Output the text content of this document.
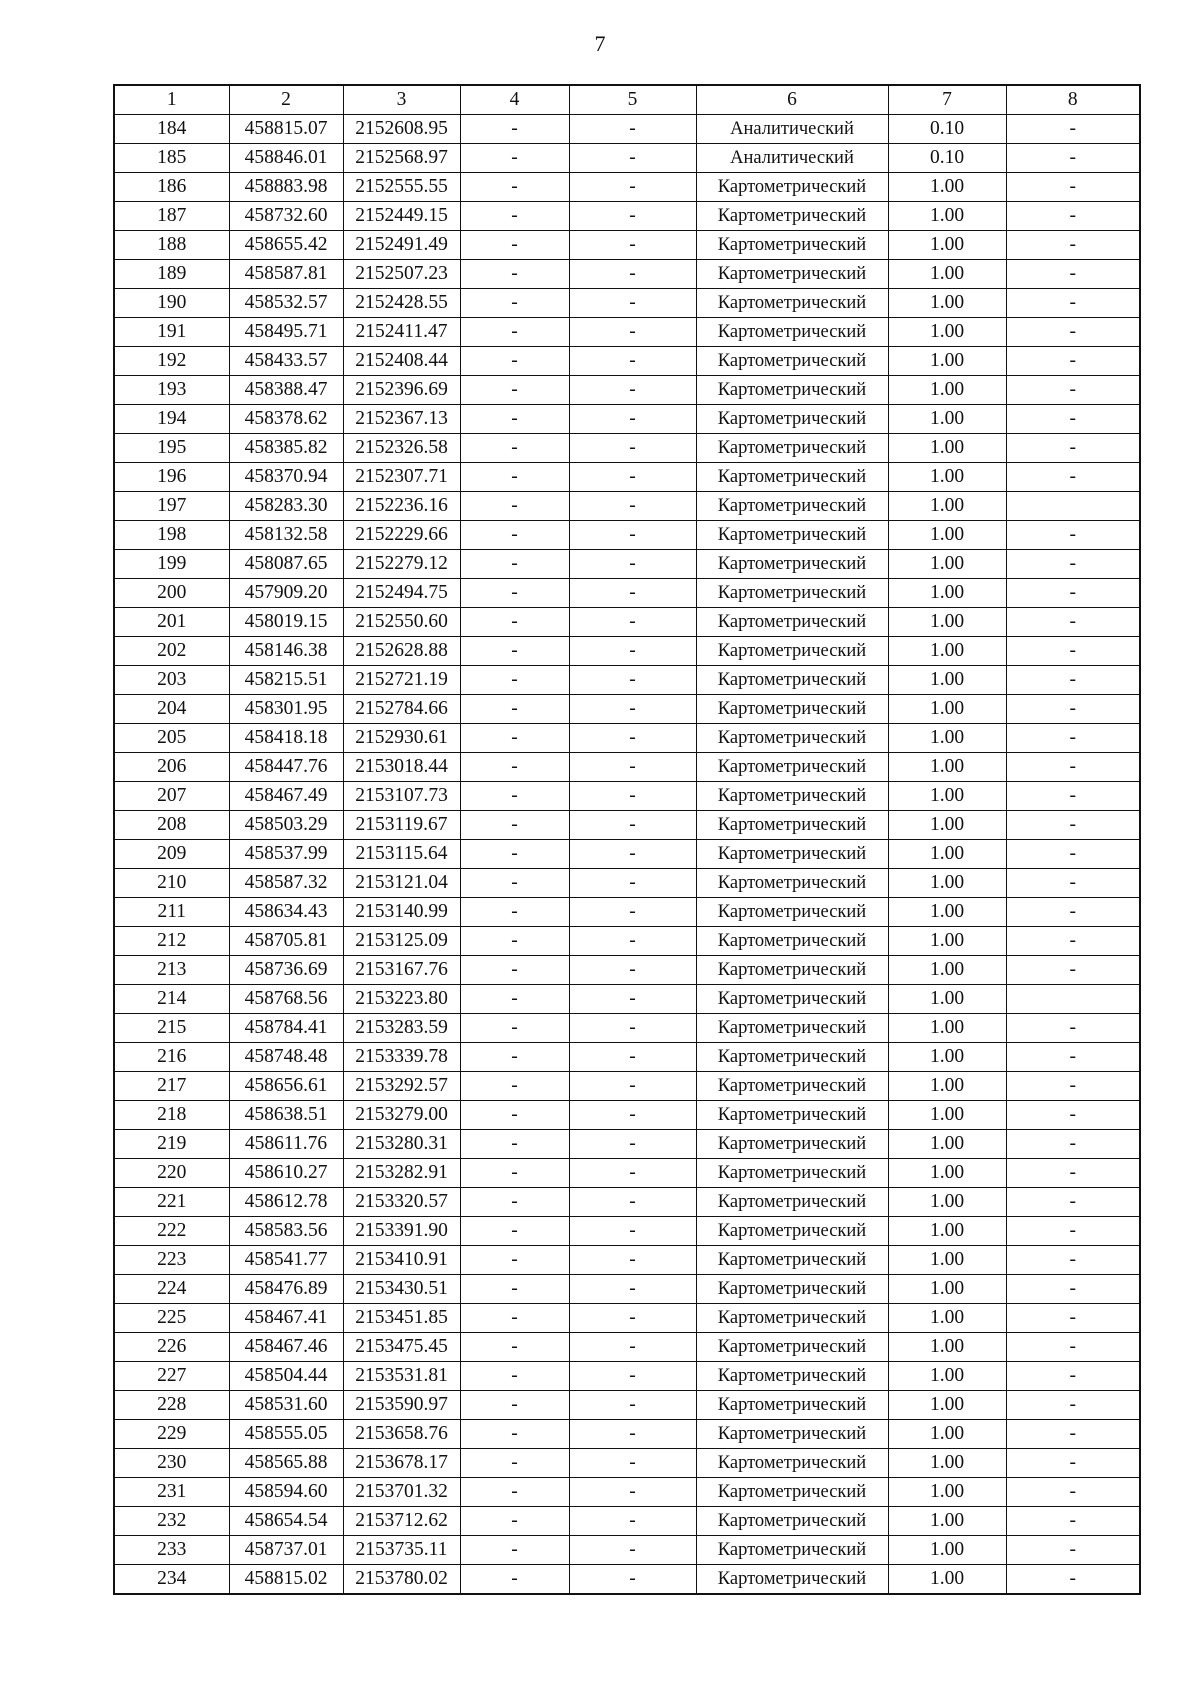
7
1	2	3	4	5	6	7	8
184	458815.07	2152608.95	-	-	Аналитический	0.10	-
185	458846.01	2152568.97	-	-	Аналитический	0.10	-
186	458883.98	2152555.55	-	-	Картометрический	1.00	-
187	458732.60	2152449.15	-	-	Картометрический	1.00	-
188	458655.42	2152491.49	-	-	Картометрический	1.00	-
189	458587.81	2152507.23	-	-	Картометрический	1.00	-
190	458532.57	2152428.55	-	-	Картометрический	1.00	-
191	458495.71	2152411.47	-	-	Картометрический	1.00	-
192	458433.57	2152408.44	-	-	Картометрический	1.00	-
193	458388.47	2152396.69	-	-	Картометрический	1.00	-
194	458378.62	2152367.13	-	-	Картометрический	1.00	-
195	458385.82	2152326.58	-	-	Картометрический	1.00	-
196	458370.94	2152307.71	-	-	Картометрический	1.00	-
197	458283.30	2152236.16	-	-	Картометрический	1.00	
198	458132.58	2152229.66	-	-	Картометрический	1.00	-
199	458087.65	2152279.12	-	-	Картометрический	1.00	-
200	457909.20	2152494.75	-	-	Картометрический	1.00	-
201	458019.15	2152550.60	-	-	Картометрический	1.00	-
202	458146.38	2152628.88	-	-	Картометрический	1.00	-
203	458215.51	2152721.19	-	-	Картометрический	1.00	-
204	458301.95	2152784.66	-	-	Картометрический	1.00	-
205	458418.18	2152930.61	-	-	Картометрический	1.00	-
206	458447.76	2153018.44	-	-	Картометрический	1.00	-
207	458467.49	2153107.73	-	-	Картометрический	1.00	-
208	458503.29	2153119.67	-	-	Картометрический	1.00	-
209	458537.99	2153115.64	-	-	Картометрический	1.00	-
210	458587.32	2153121.04	-	-	Картометрический	1.00	-
211	458634.43	2153140.99	-	-	Картометрический	1.00	-
212	458705.81	2153125.09	-	-	Картометрический	1.00	-
213	458736.69	2153167.76	-	-	Картометрический	1.00	-
214	458768.56	2153223.80	-	-	Картометрический	1.00	
215	458784.41	2153283.59	-	-	Картометрический	1.00	-
216	458748.48	2153339.78	-	-	Картометрический	1.00	-
217	458656.61	2153292.57	-	-	Картометрический	1.00	-
218	458638.51	2153279.00	-	-	Картометрический	1.00	-
219	458611.76	2153280.31	-	-	Картометрический	1.00	-
220	458610.27	2153282.91	-	-	Картометрический	1.00	-
221	458612.78	2153320.57	-	-	Картометрический	1.00	-
222	458583.56	2153391.90	-	-	Картометрический	1.00	-
223	458541.77	2153410.91	-	-	Картометрический	1.00	-
224	458476.89	2153430.51	-	-	Картометрический	1.00	-
225	458467.41	2153451.85	-	-	Картометрический	1.00	-
226	458467.46	2153475.45	-	-	Картометрический	1.00	-
227	458504.44	2153531.81	-	-	Картометрический	1.00	-
228	458531.60	2153590.97	-	-	Картометрический	1.00	-
229	458555.05	2153658.76	-	-	Картометрический	1.00	-
230	458565.88	2153678.17	-	-	Картометрический	1.00	-
231	458594.60	2153701.32	-	-	Картометрический	1.00	-
232	458654.54	2153712.62	-	-	Картометрический	1.00	-
233	458737.01	2153735.11	-	-	Картометрический	1.00	-
234	458815.02	2153780.02	-	-	Картометрический	1.00	-
